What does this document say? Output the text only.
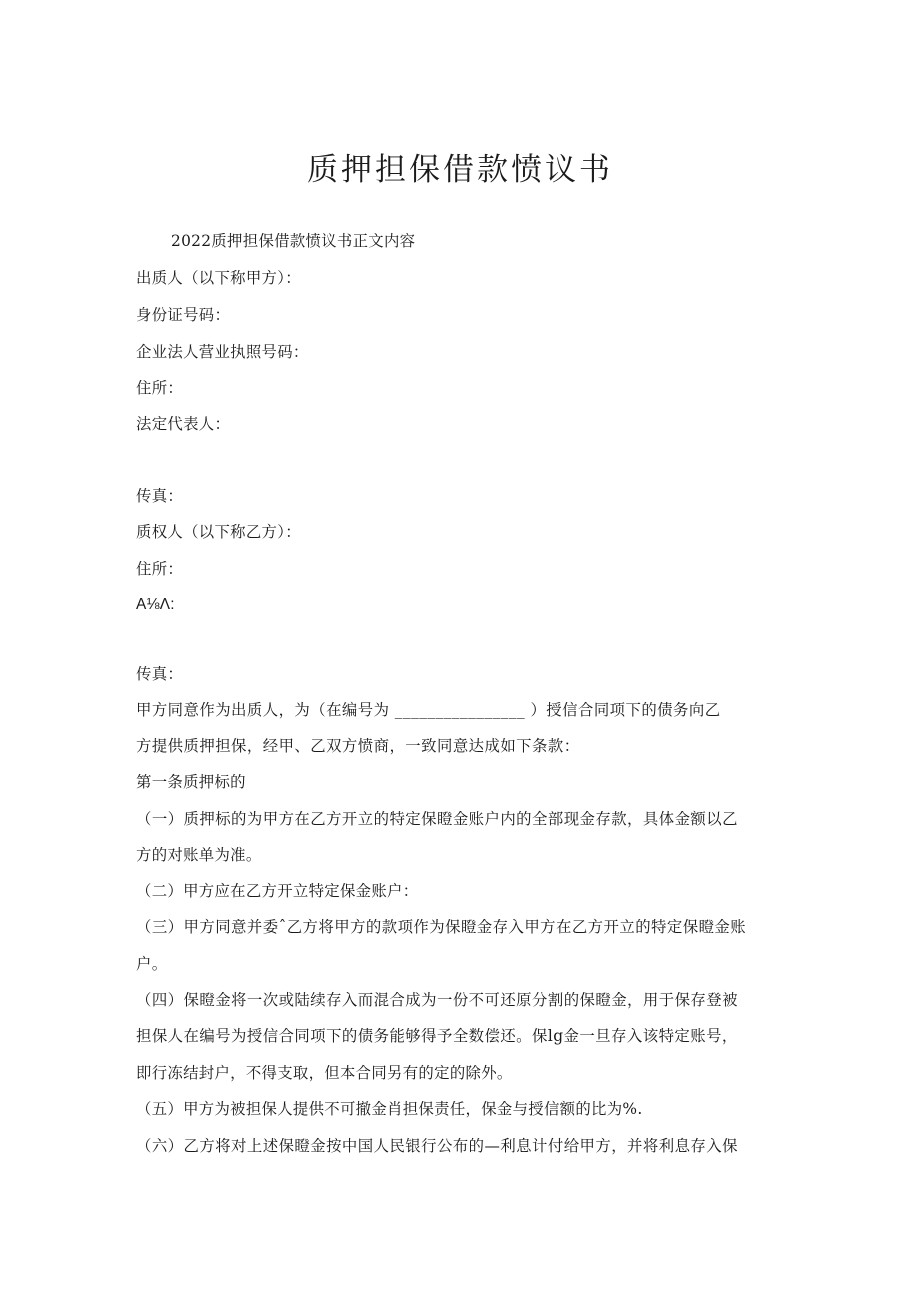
质押担保借款愤议书
2022质押担保借款愤议书正文内容
出质人（以下称甲方）：
身份证号码：
企业法人营业执照号码：
住所：
法定代表人：
传真：
质权人（以下称乙方）：
住所：
A⅛Λ:
传真：
甲方同意作为出质人，为（在编号为 ________________ ）授信合同项下的债务向乙
方提供质押担保，经甲、乙双方愤商，一致同意达成如下条款：
第一条质押标的
（一）质押标的为甲方在乙方开立的特定保瞪金账户内的全部现金存款，具体金额以乙
方的对账单为准。
（二）甲方应在乙方开立特定保金账户：
（三）甲方同意并委ˆ乙方将甲方的款项作为保瞪金存入甲方在乙方开立的特定保瞪金账
户。
（四）保瞪金将一次或陆续存入而混合成为一份不可还原分割的保瞪金，用于保存登被
担保人在编号为授信合同项下的债务能够得予全数偿还。保lg金一旦存入该特定账号，
即行冻结封户，不得支取，但本合同另有的定的除外。
（五）甲方为被担保人提供不可撤金肖担保责任，保金与授信额的比为%.
（六）乙方将对上述保瞪金按中国人民银行公布的—利息计付给甲方，并将利息存入保
